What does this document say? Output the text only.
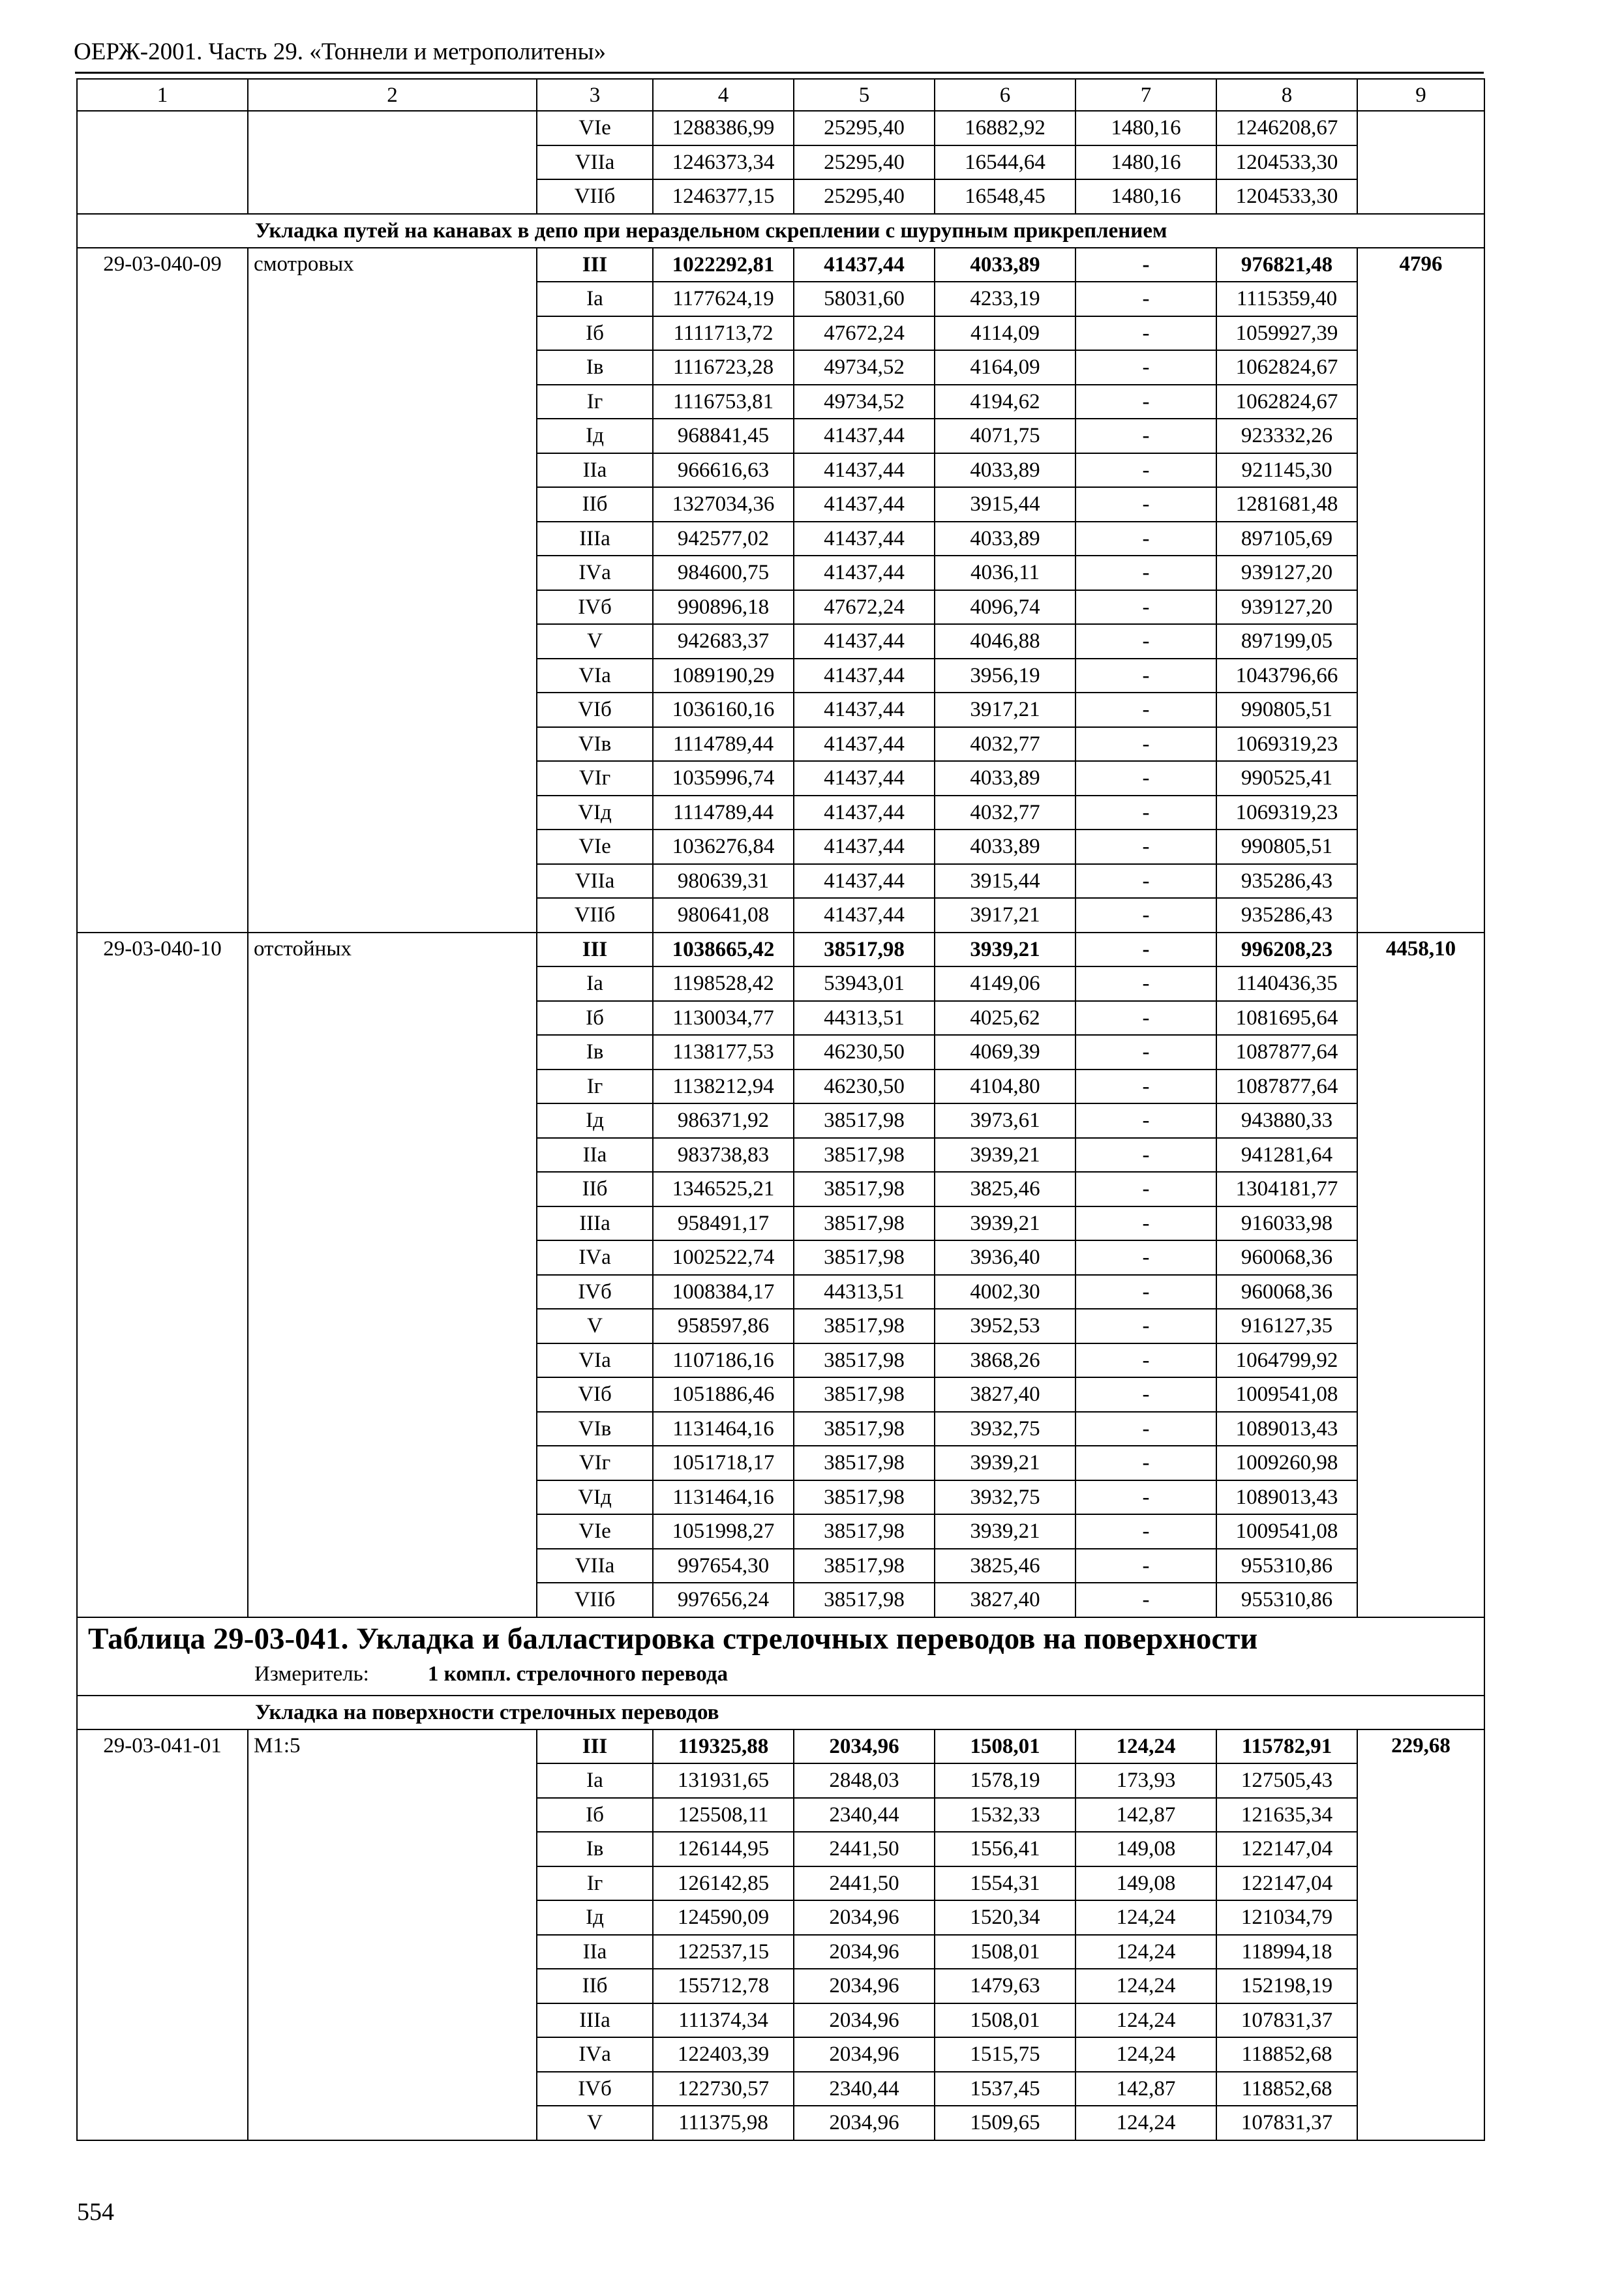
ОЕРЖ-2001. Часть 29. «Тоннели и метрополитены»
1	2	3	4	5	6	7	8	9
		VIе	1288386,99	25295,40	16882,92	1480,16	1246208,67	
		VIIа	1246373,34	25295,40	16544,64	1480,16	1204533,30	
		VIIб	1246377,15	25295,40	16548,45	1480,16	1204533,30	
Укладка путей на канавах в депо при нераздельном скреплении с шурупным прикреплением								
29-03-040-09	смотровых	III	1022292,81	41437,44	4033,89	-	976821,48	4796
		Iа	1177624,19	58031,60	4233,19	-	1115359,40	
		Iб	1111713,72	47672,24	4114,09	-	1059927,39	
		Iв	1116723,28	49734,52	4164,09	-	1062824,67	
		Iг	1116753,81	49734,52	4194,62	-	1062824,67	
		Iд	968841,45	41437,44	4071,75	-	923332,26	
		IIа	966616,63	41437,44	4033,89	-	921145,30	
		IIб	1327034,36	41437,44	3915,44	-	1281681,48	
		IIIа	942577,02	41437,44	4033,89	-	897105,69	
		IVа	984600,75	41437,44	4036,11	-	939127,20	
		IVб	990896,18	47672,24	4096,74	-	939127,20	
		V	942683,37	41437,44	4046,88	-	897199,05	
		VIа	1089190,29	41437,44	3956,19	-	1043796,66	
		VIб	1036160,16	41437,44	3917,21	-	990805,51	
		VIв	1114789,44	41437,44	4032,77	-	1069319,23	
		VIг	1035996,74	41437,44	4033,89	-	990525,41	
		VIд	1114789,44	41437,44	4032,77	-	1069319,23	
		VIе	1036276,84	41437,44	4033,89	-	990805,51	
		VIIа	980639,31	41437,44	3915,44	-	935286,43	
		VIIб	980641,08	41437,44	3917,21	-	935286,43	
29-03-040-10	отстойных	III	1038665,42	38517,98	3939,21	-	996208,23	4458,10
		Iа	1198528,42	53943,01	4149,06	-	1140436,35	
		Iб	1130034,77	44313,51	4025,62	-	1081695,64	
		Iв	1138177,53	46230,50	4069,39	-	1087877,64	
		Iг	1138212,94	46230,50	4104,80	-	1087877,64	
		Iд	986371,92	38517,98	3973,61	-	943880,33	
		IIа	983738,83	38517,98	3939,21	-	941281,64	
		IIб	1346525,21	38517,98	3825,46	-	1304181,77	
		IIIа	958491,17	38517,98	3939,21	-	916033,98	
		IVа	1002522,74	38517,98	3936,40	-	960068,36	
		IVб	1008384,17	44313,51	4002,30	-	960068,36	
		V	958597,86	38517,98	3952,53	-	916127,35	
		VIа	1107186,16	38517,98	3868,26	-	1064799,92	
		VIб	1051886,46	38517,98	3827,40	-	1009541,08	
		VIв	1131464,16	38517,98	3932,75	-	1089013,43	
		VIг	1051718,17	38517,98	3939,21	-	1009260,98	
		VIд	1131464,16	38517,98	3932,75	-	1089013,43	
		VIе	1051998,27	38517,98	3939,21	-	1009541,08	
		VIIа	997654,30	38517,98	3825,46	-	955310,86	
		VIIб	997656,24	38517,98	3827,40	-	955310,86	
Таблица 29-03-041. Укладка и балластировка стрелочных переводов на поверхности
Измеритель: 1 компл. стрелочного перевода								

Укладка на поверхности стрелочных переводов								
29-03-041-01	М1:5	III	119325,88	2034,96	1508,01	124,24	115782,91	229,68
		Iа	131931,65	2848,03	1578,19	173,93	127505,43	
		Iб	125508,11	2340,44	1532,33	142,87	121635,34	
		Iв	126144,95	2441,50	1556,41	149,08	122147,04	
		Iг	126142,85	2441,50	1554,31	149,08	122147,04	
		Iд	124590,09	2034,96	1520,34	124,24	121034,79	
		IIа	122537,15	2034,96	1508,01	124,24	118994,18	
		IIб	155712,78	2034,96	1479,63	124,24	152198,19	
		IIIа	111374,34	2034,96	1508,01	124,24	107831,37	
		IVа	122403,39	2034,96	1515,75	124,24	118852,68	
		IVб	122730,57	2340,44	1537,45	142,87	118852,68	
		V	111375,98	2034,96	1509,65	124,24	107831,37	
554
